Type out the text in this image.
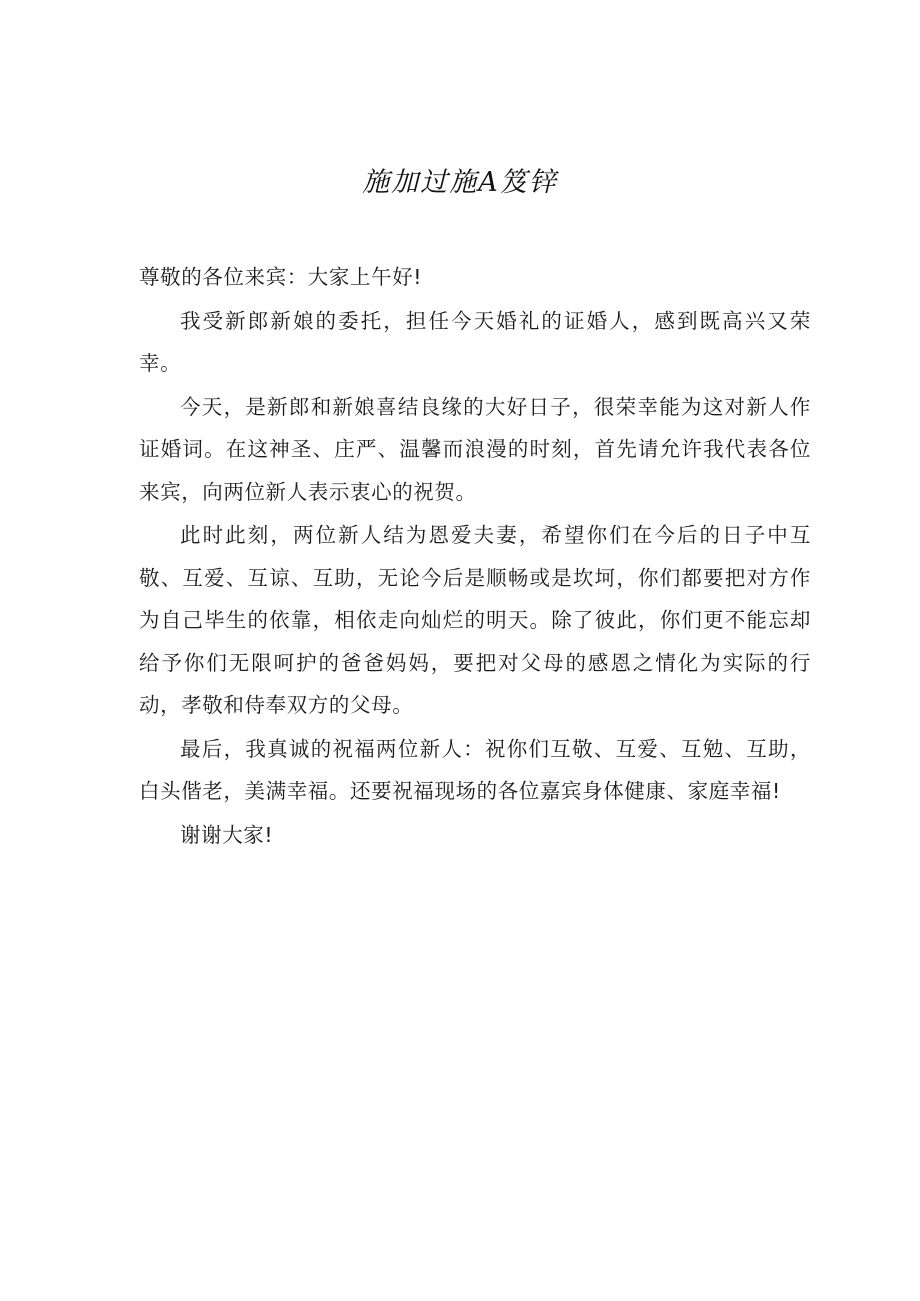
施加过施A笈锌

尊敬的各位来宾：大家上午好!

我受新郎新娘的委托，担任今天婚礼的证婚人，感到既高兴又荣幸。

今天，是新郎和新娘喜结良缘的大好日子，很荣幸能为这对新人作证婚词。在这神圣、庄严、温馨而浪漫的时刻，首先请允许我代表各位来宾，向两位新人表示衷心的祝贺。

此时此刻，两位新人结为恩爱夫妻，希望你们在今后的日子中互敬、互爱、互谅、互助，无论今后是顺畅或是坎坷，你们都要把对方作为自己毕生的依靠，相依走向灿烂的明天。除了彼此，你们更不能忘却给予你们无限呵护的爸爸妈妈，要把对父母的感恩之情化为实际的行动，孝敬和侍奉双方的父母。

最后，我真诚的祝福两位新人：祝你们互敬、互爱、互勉、互助，白头偕老，美满幸福。还要祝福现场的各位嘉宾身体健康、家庭幸福!

谢谢大家!
